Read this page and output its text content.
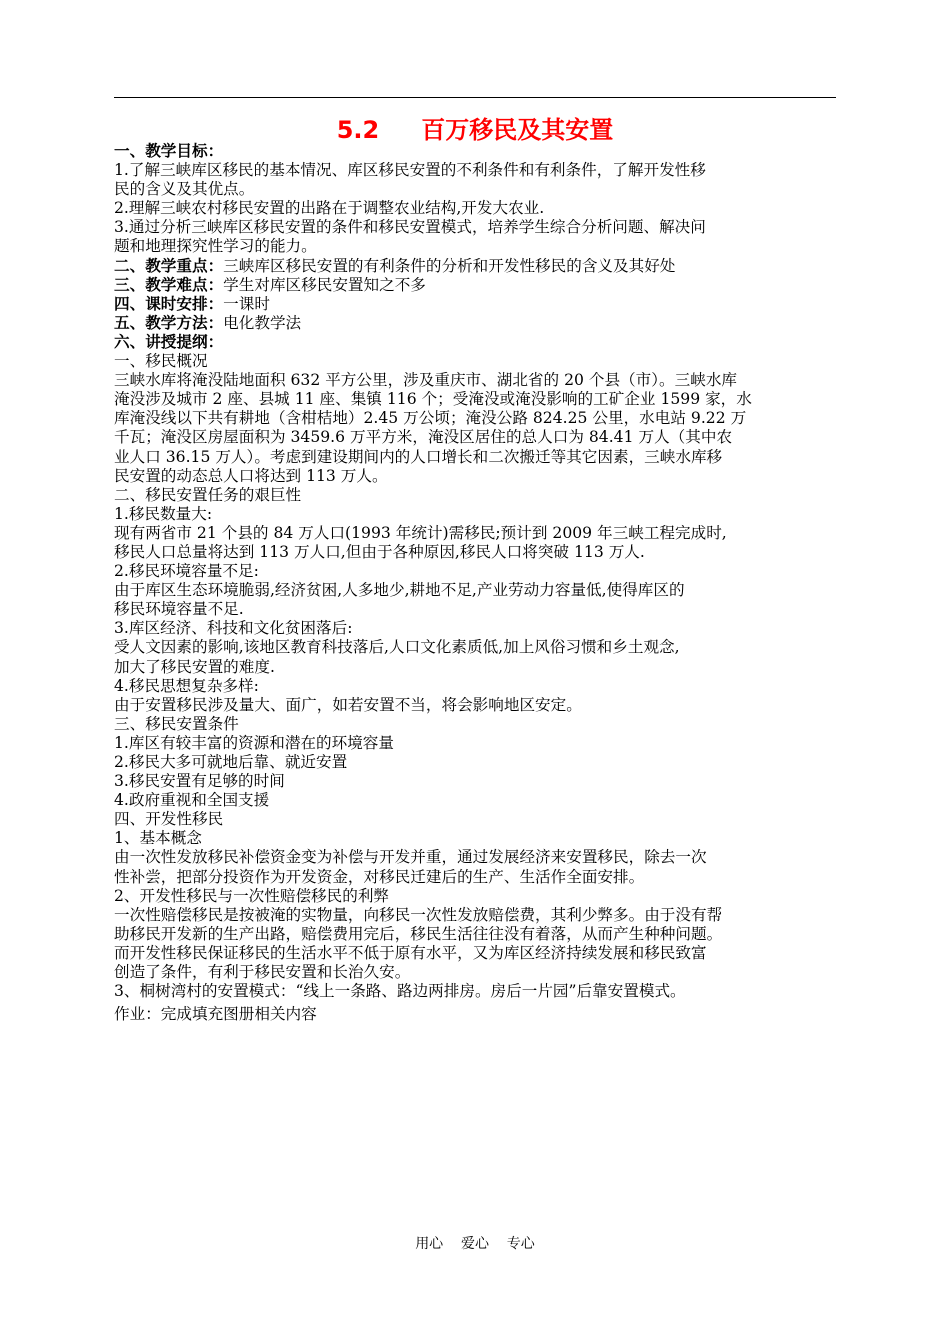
5.2 百万移民及其安置
一、教学目标：
1.了解三峡库区移民的基本情况、库区移民安置的不利条件和有利条件，了解开发性移
民的含义及其优点。
2.理解三峡农村移民安置的出路在于调整农业结构,开发大农业.
3.通过分析三峡库区移民安置的条件和移民安置模式，培养学生综合分析问题、解决问
题和地理探究性学习的能力。
二、教学重点：三峡库区移民安置的有利条件的分析和开发性移民的含义及其好处
三、教学难点：学生对库区移民安置知之不多
四、课时安排：一课时
五、教学方法：电化教学法
六、讲授提纲：
一、移民概况
三峡水库将淹没陆地面积 632 平方公里，涉及重庆市、湖北省的 20 个县（市）。三峡水库
淹没涉及城市 2 座、县城 11 座、集镇 116 个；受淹没或淹没影响的工矿企业 1599 家，水
库淹没线以下共有耕地（含柑桔地）2.45 万公顷；淹没公路 824.25 公里，水电站 9.22 万
千瓦；淹没区房屋面积为 3459.6 万平方米，淹没区居住的总人口为 84.41 万人（其中农
业人口 36.15 万人）。考虑到建设期间内的人口增长和二次搬迁等其它因素，三峡水库移
民安置的动态总人口将达到 113 万人。
二、移民安置任务的艰巨性
1.移民数量大:
现有两省市 21 个县的 84 万人口(1993 年统计)需移民;预计到 2009 年三峡工程完成时,
移民人口总量将达到 113 万人口,但由于各种原因,移民人口将突破 113 万人.
2.移民环境容量不足:
由于库区生态环境脆弱,经济贫困,人多地少,耕地不足,产业劳动力容量低,使得库区的
移民环境容量不足.
3.库区经济、科技和文化贫困落后:
受人文因素的影响,该地区教育科技落后,人口文化素质低,加上风俗习惯和乡土观念,
加大了移民安置的难度.
4.移民思想复杂多样:
由于安置移民涉及量大、面广，如若安置不当，将会影响地区安定。
三、移民安置条件
1.库区有较丰富的资源和潜在的环境容量
2.移民大多可就地后靠、就近安置
3.移民安置有足够的时间
4.政府重视和全国支援
四、开发性移民
1、基本概念
由一次性发放移民补偿资金变为补偿与开发并重，通过发展经济来安置移民，除去一次
性补尝，把部分投资作为开发资金，对移民迁建后的生产、生活作全面安排。
2、开发性移民与一次性赔偿移民的利弊
一次性赔偿移民是按被淹的实物量，向移民一次性发放赔偿费，其利少弊多。由于没有帮
助移民开发新的生产出路，赔偿费用完后，移民生活往往没有着落，从而产生种种问题。
而开发性移民保证移民的生活水平不低于原有水平，又为库区经济持续发展和移民致富
创造了条件，有利于移民安置和长治久安。
3、桐树湾村的安置模式：“线上一条路、路边两排房。房后一片园”后靠安置模式。
作业：完成填充图册相关内容
用心    爱心    专心
